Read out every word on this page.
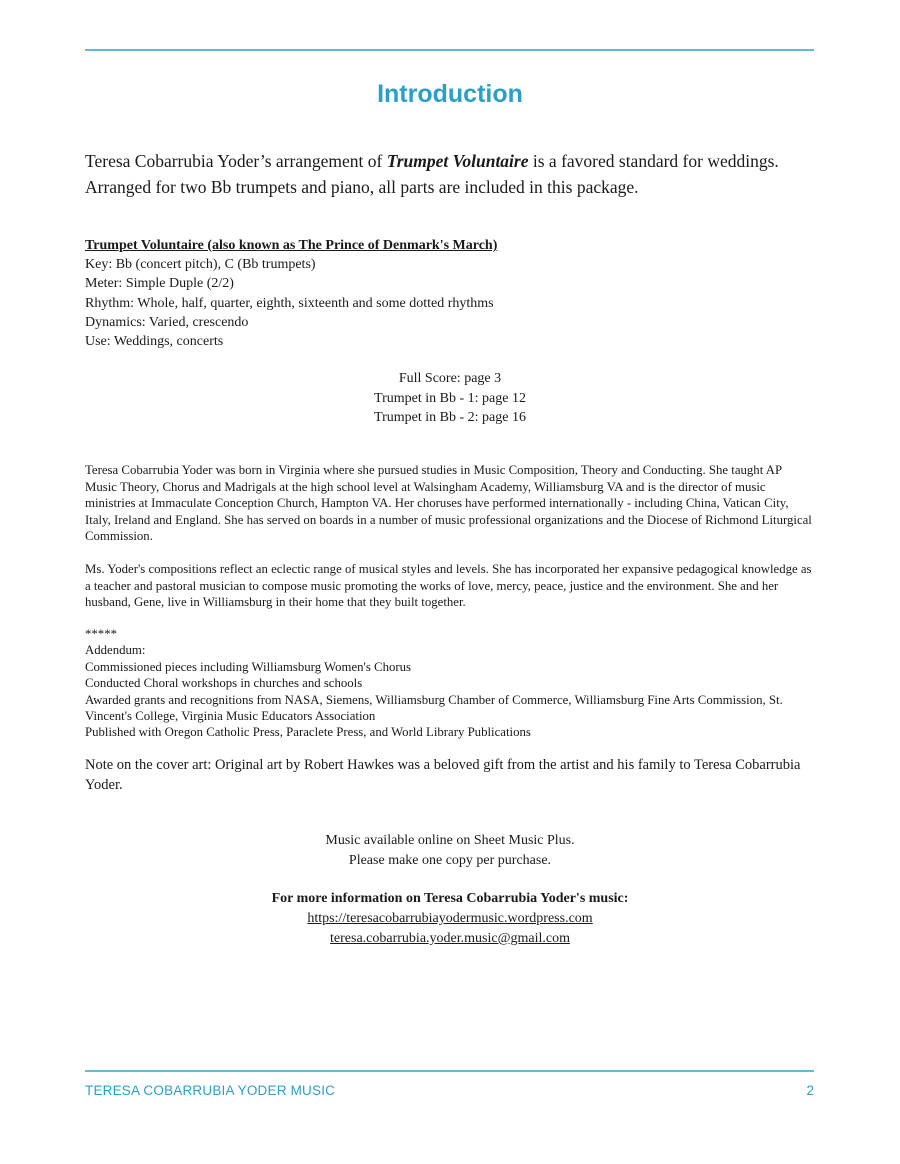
Introduction

Teresa Cobarrubia Yoder’s arrangement of Trumpet Voluntaire is a favored standard for weddings. Arranged for two Bb trumpets and piano, all parts are included in this package.

Trumpet Voluntaire (also known as The Prince of Denmark's March)
Key: Bb (concert pitch), C (Bb trumpets)
Meter: Simple Duple (2/2)
Rhythm: Whole, half, quarter, eighth, sixteenth and some dotted rhythms
Dynamics: Varied, crescendo
Use: Weddings, concerts
Full Score: page 3
Trumpet in Bb - 1: page 12
Trumpet in Bb - 2: page 16

Teresa Cobarrubia Yoder was born in Virginia where she pursued studies in Music Composition, Theory and Conducting. She taught AP Music Theory, Chorus and Madrigals at the high school level at Walsingham Academy, Williamsburg VA and is the director of music ministries at Immaculate Conception Church, Hampton VA. Her choruses have performed internationally - including China, Vatican City, Italy, Ireland and England. She has served on boards in a number of music professional organizations and the Diocese of Richmond Liturgical Commission.

Ms. Yoder's compositions reflect an eclectic range of musical styles and levels. She has incorporated her expansive pedagogical knowledge as a teacher and pastoral musician to compose music promoting the works of love, mercy, peace, justice and the environment. She and her husband, Gene, live in Williamsburg in their home that they built together.

*****
Addendum:
Commissioned pieces including Williamsburg Women's Chorus
Conducted Choral workshops in churches and schools
Awarded grants and recognitions from NASA, Siemens, Williamsburg Chamber of Commerce, Williamsburg Fine Arts Commission, St. Vincent's College, Virginia Music Educators Association
Published with Oregon Catholic Press, Paraclete Press, and World Library Publications

Note on the cover art: Original art by Robert Hawkes was a beloved gift from the artist and his family to Teresa Cobarrubia Yoder.

Music available online on Sheet Music Plus.
Please make one copy per purchase.
For more information on Teresa Cobarrubia Yoder's music:
https://teresacobarrubiayodermusic.wordpress.com
teresa.cobarrubia.yoder.music@gmail.com
TERESA COBARRUBIA YODER MUSIC	2
